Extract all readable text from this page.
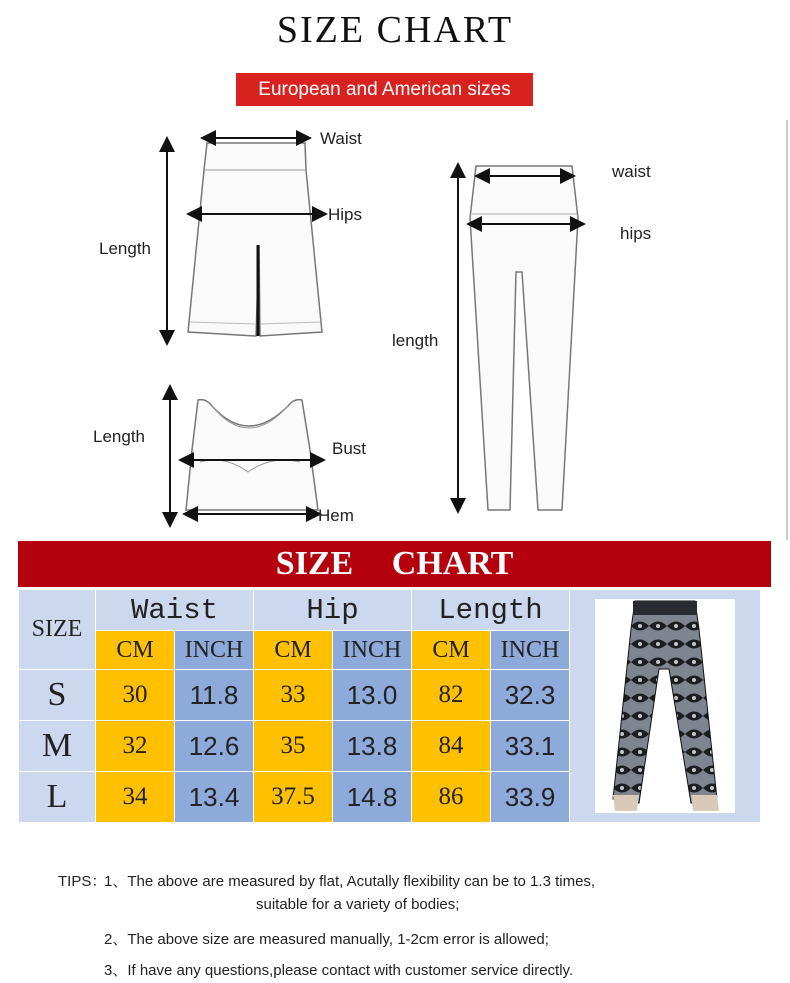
SIZE CHART
European and American sizes
Waist
Hips
Length
Length
Bust
Hem
waist
hips
length
SIZE CHART
SIZE	Waist		Hip		Length	

	CM	INCH	CM	INCH	CM	INCH	
S	30	11.8	33	13.0	82	32.3	
M	32	12.6	35	13.8	84	33.1	
L	34	13.4	37.5	14.8	86	33.9	
TIPS：
1、The above are measured by flat, Acutally flexibility can be to 1.3 times,
suitable for a variety of bodies;
2、The above size are measured manually, 1-2cm error is allowed;
3、If have any questions,please contact with customer service directly.
